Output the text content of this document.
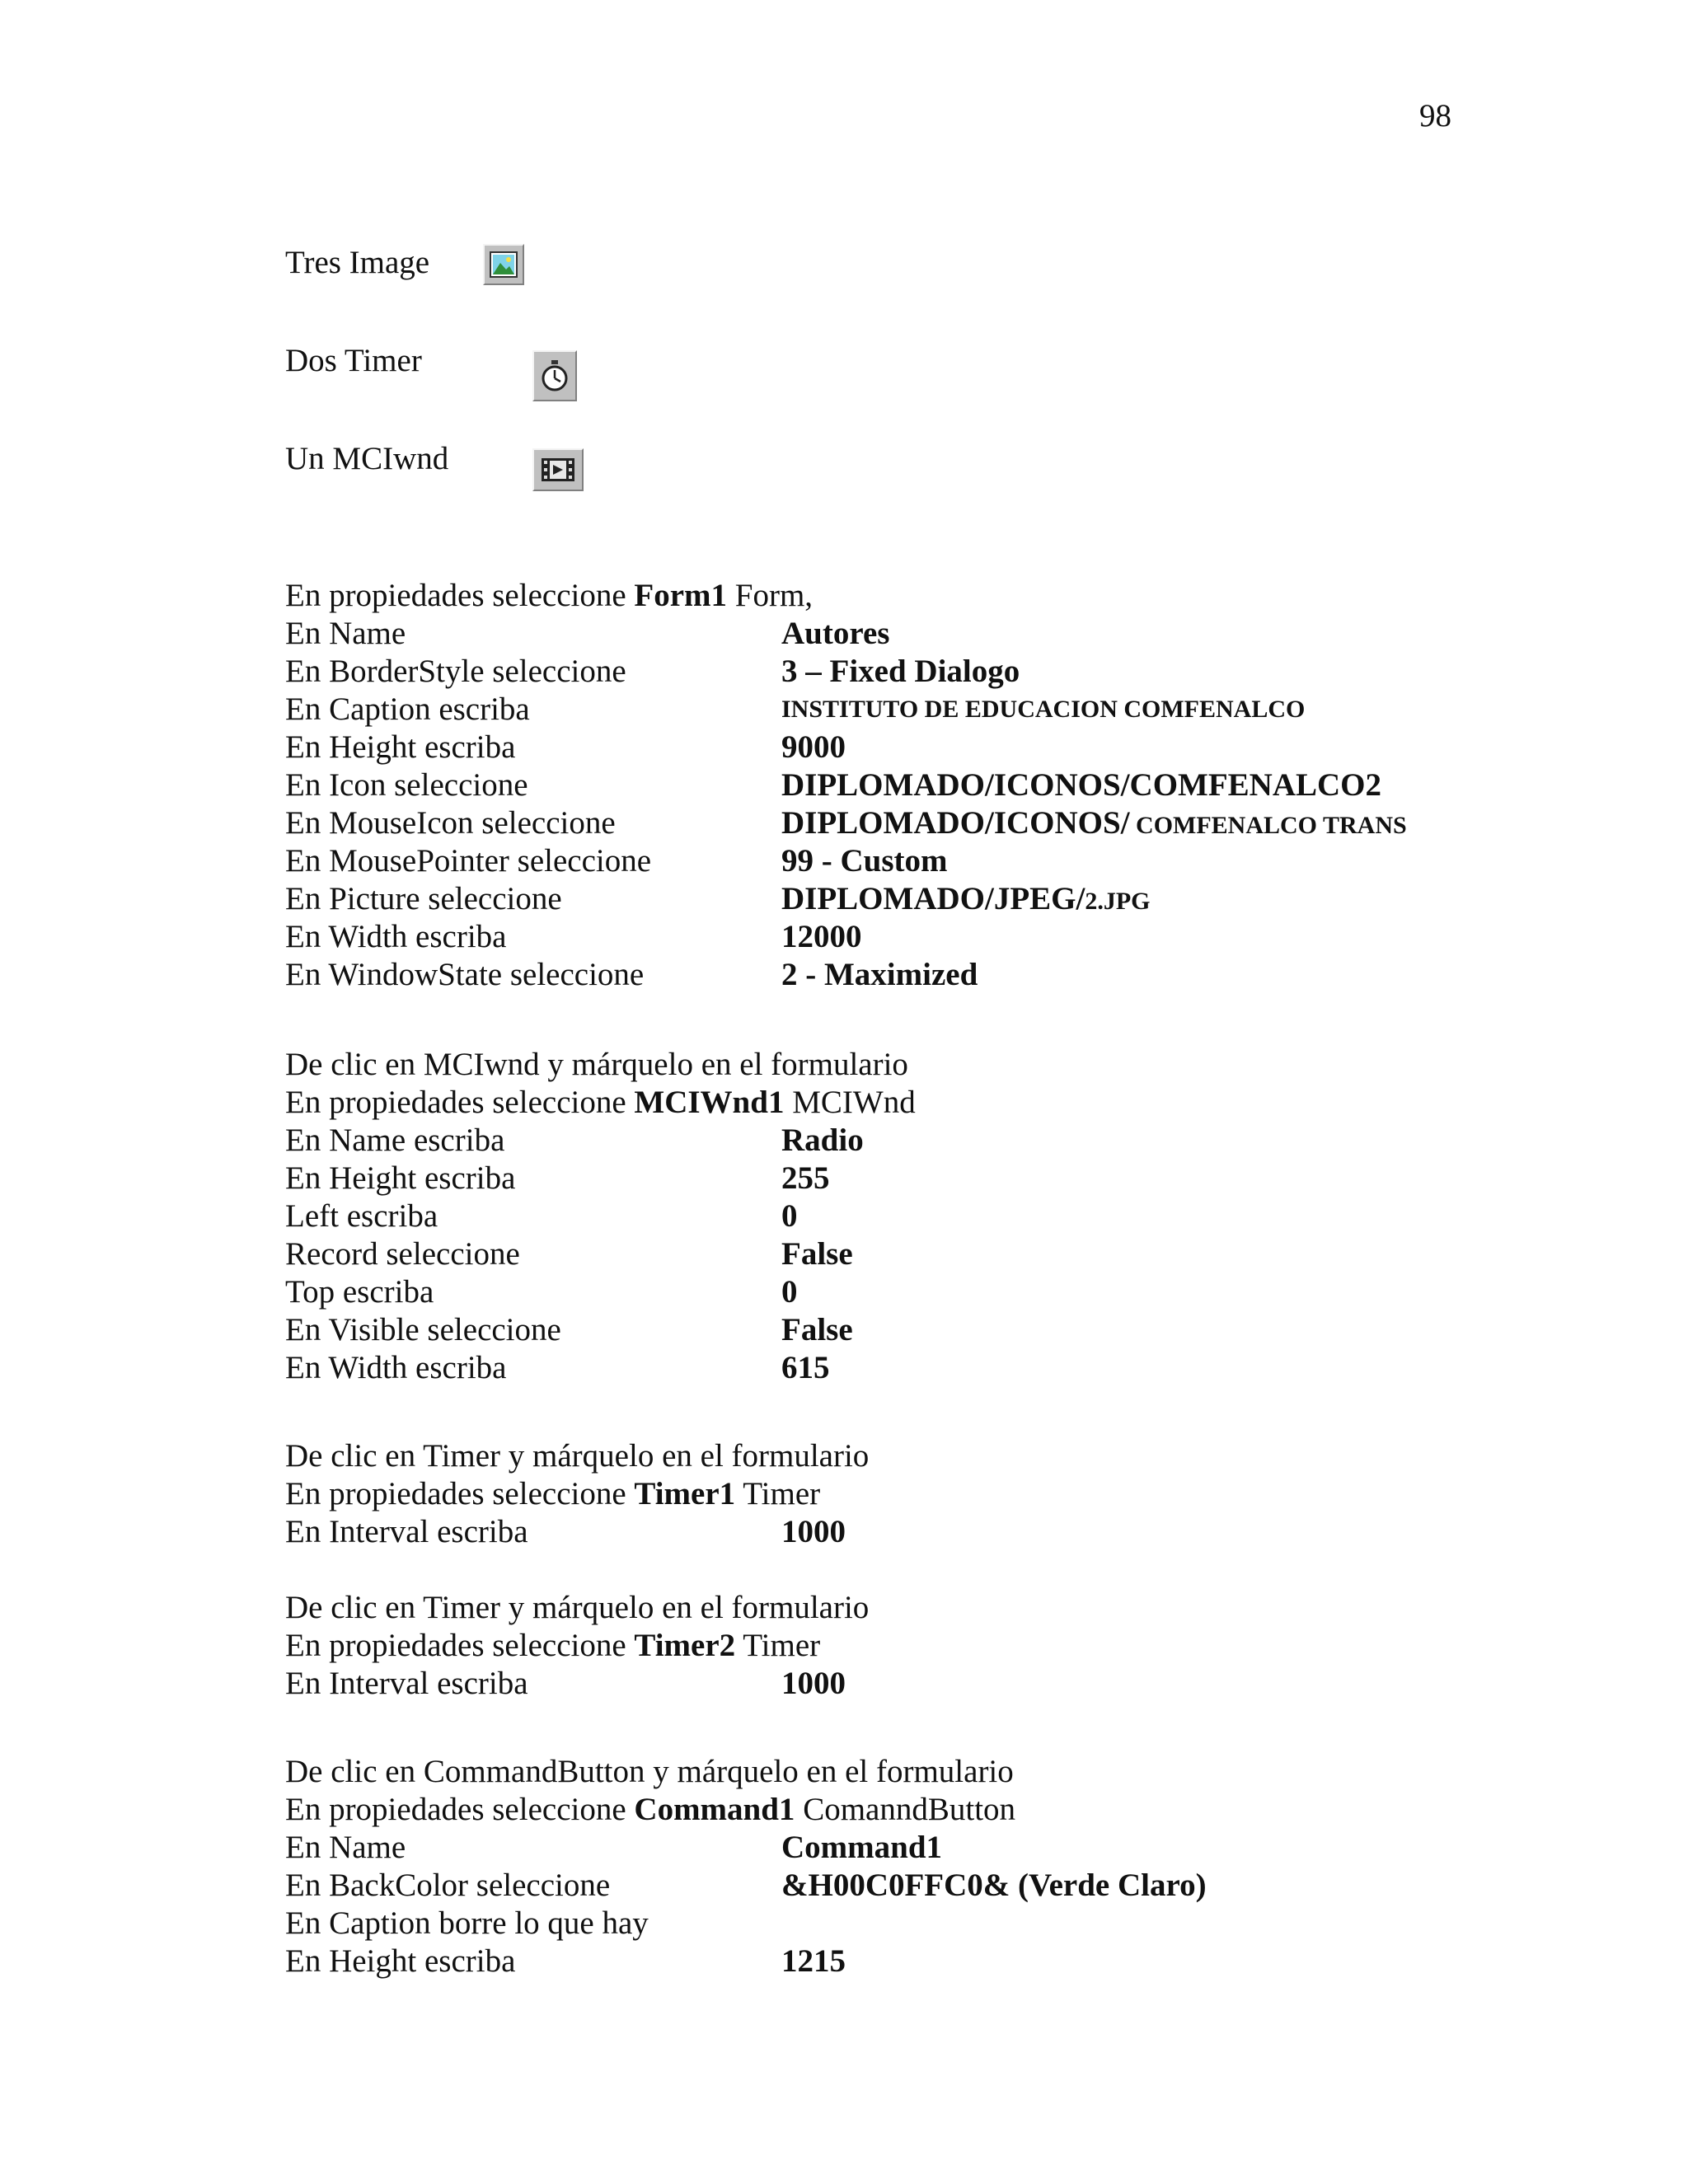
98
Tres Image
Dos Timer
Un MCIwnd
En propiedades seleccione Form1 Form,
En Name	Autores
En BorderStyle seleccione	3 – Fixed Dialogo
En Caption escriba	INSTITUTO DE EDUCACION COMFENALCO
En Height escriba	9000
En Icon seleccione	DIPLOMADO/ICONOS/COMFENALCO2
En MouseIcon seleccione	DIPLOMADO/ICONOS/ COMFENALCO TRANS
En MousePointer seleccione	99 - Custom
En Picture seleccione	DIPLOMADO/JPEG/2.JPG
En Width escriba	12000
En WindowState seleccione	2 - Maximized
De clic en MCIwnd y márquelo en el formulario
En propiedades seleccione MCIWnd1 MCIWnd
En Name escriba	Radio
En Height escriba	255
Left escriba	0
Record seleccione	False
Top escriba	0
En Visible seleccione	False
En Width escriba	615
De clic en Timer y márquelo en el formulario
En propiedades seleccione Timer1 Timer
En Interval escriba	1000
De clic en Timer y márquelo en el formulario
En propiedades seleccione Timer2 Timer
En Interval escriba	1000
De clic en CommandButton y márquelo en el formulario
En propiedades seleccione Command1 ComanndButton
En Name	Command1
En BackColor seleccione	&H00C0FFC0& (Verde Claro)
En Caption borre lo que hay
En Height escriba	1215
